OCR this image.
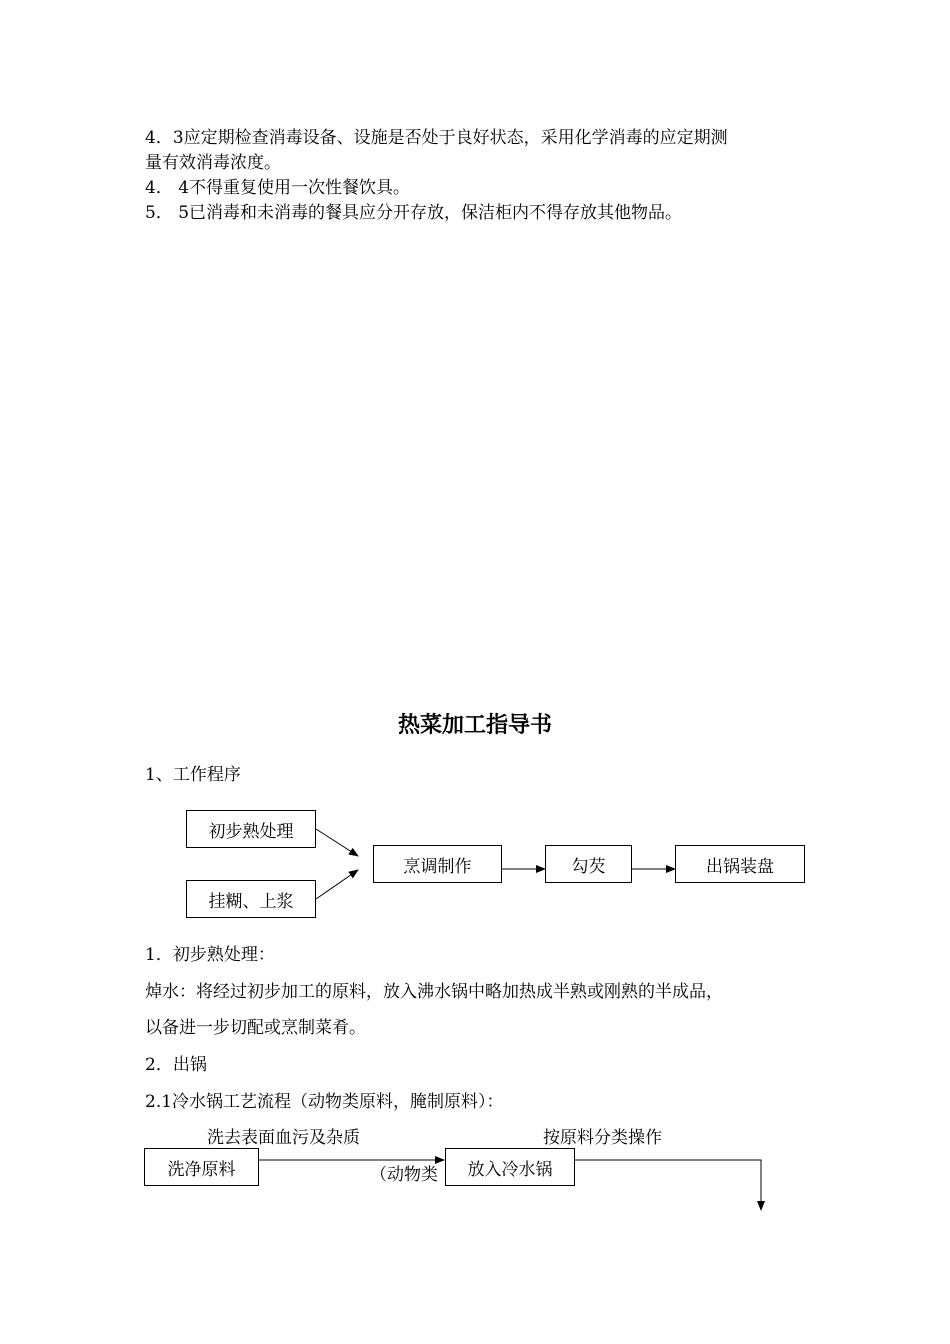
4．3应定期检查消毒设备、设施是否处于良好状态，采用化学消毒的应定期测
量有效消毒浓度。
4． 4不得重复使用一次性餐饮具。
5． 5已消毒和未消毒的餐具应分开存放，保洁柜内不得存放其他物品。
热菜加工指导书
1、工作程序
初步熟处理
挂糊、上浆
烹调制作	勾芡	出锅装盘
1．初步熟处理：
焯水：将经过初步加工的原料，放入沸水锅中略加热成半熟或刚熟的半成品，
以备进一步切配或烹制菜肴。
2．出锅
2.1冷水锅工艺流程（动物类原料，腌制原料）：
洗去表面血污及杂质	按原料分类操作
（动物类
洗净原料	放入冷水锅
